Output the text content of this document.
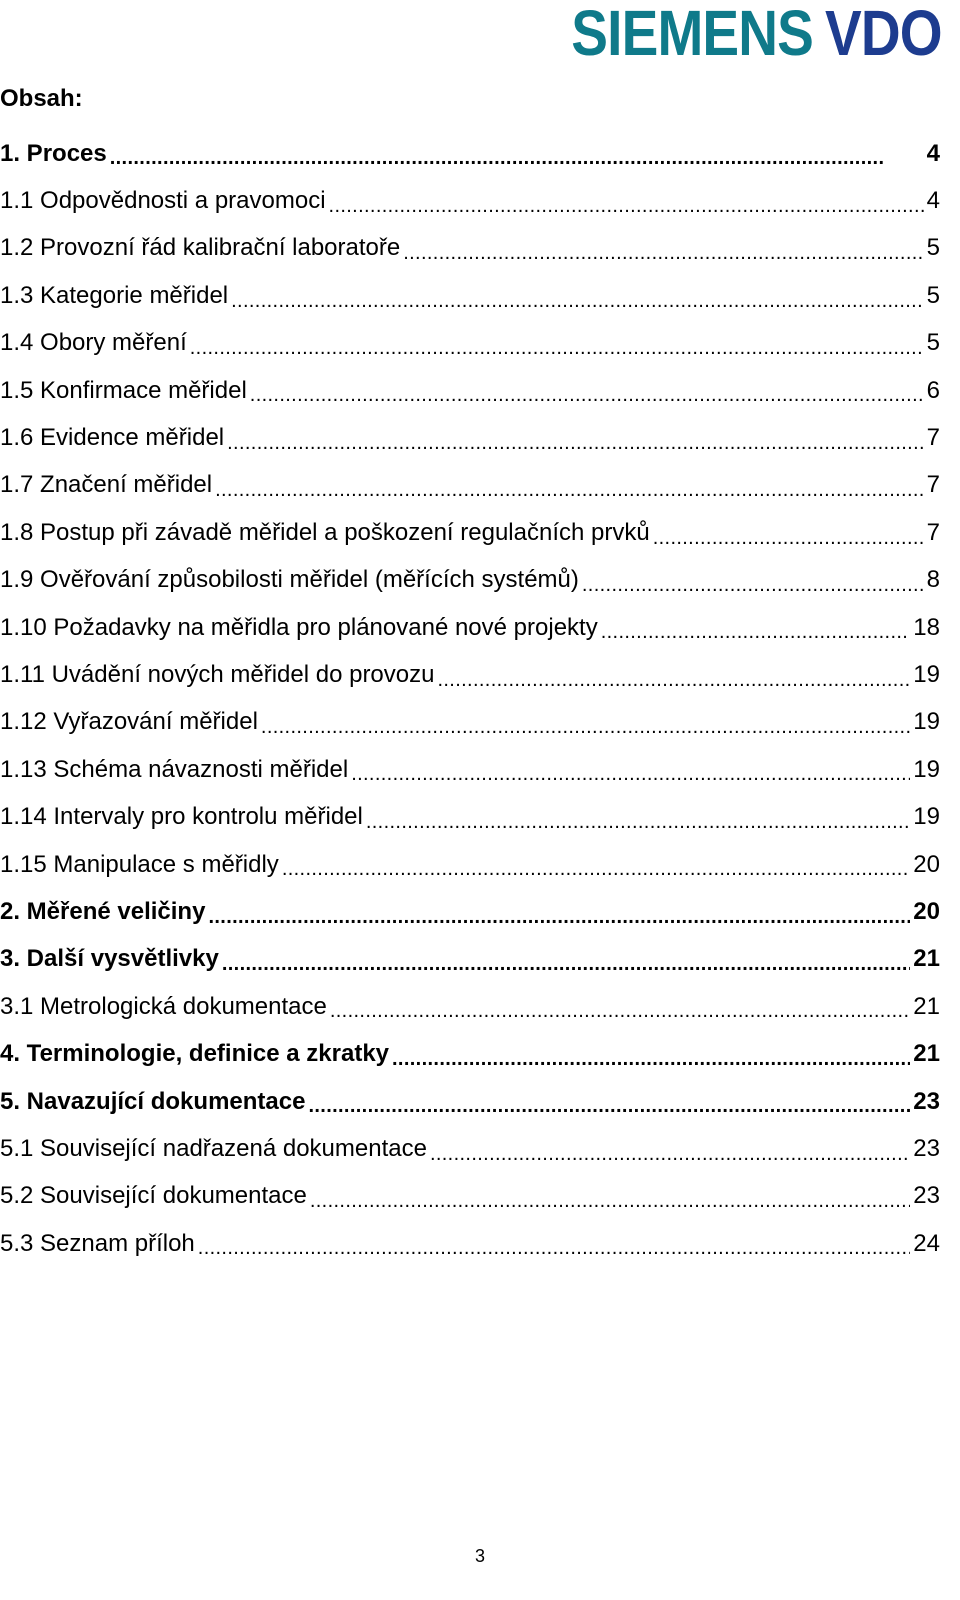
SIEMENS VDO
Obsah:
1. Proces . . .	4
1.1 Odpovědnosti a pravomoci . . .	4
1.2 Provozní řád kalibrační laboratoře . . .	5
1.3 Kategorie měřidel . . .	5
1.4 Obory měření . . .	5
1.5 Konfirmace měřidel . . .	6
1.6 Evidence měřidel . . .	7
1.7 Značení měřidel . . .	7
1.8 Postup při závadě měřidel a poškození regulačních prvků . . .	7
1.9 Ověřování způsobilosti měřidel (měřících systémů) . . .	8
1.10 Požadavky na měřidla pro plánované nové projekty . . .	18
1.11 Uvádění nových měřidel do provozu . . .	19
1.12 Vyřazování měřidel . . .	19
1.13 Schéma návaznosti měřidel . . .	19
1.14 Intervaly pro kontrolu měřidel . . .	19
1.15 Manipulace s měřidly . . .	20
2. Měřené veličiny . . .	20
3. Další vysvětlivky . . .	21
3.1 Metrologická dokumentace . . .	21
4. Terminologie, definice a zkratky . . .	21
5. Navazující dokumentace . . .	23
5.1 Související nadřazená dokumentace . . .	23
5.2 Související dokumentace . . .	23
5.3 Seznam příloh . . .	24
3
